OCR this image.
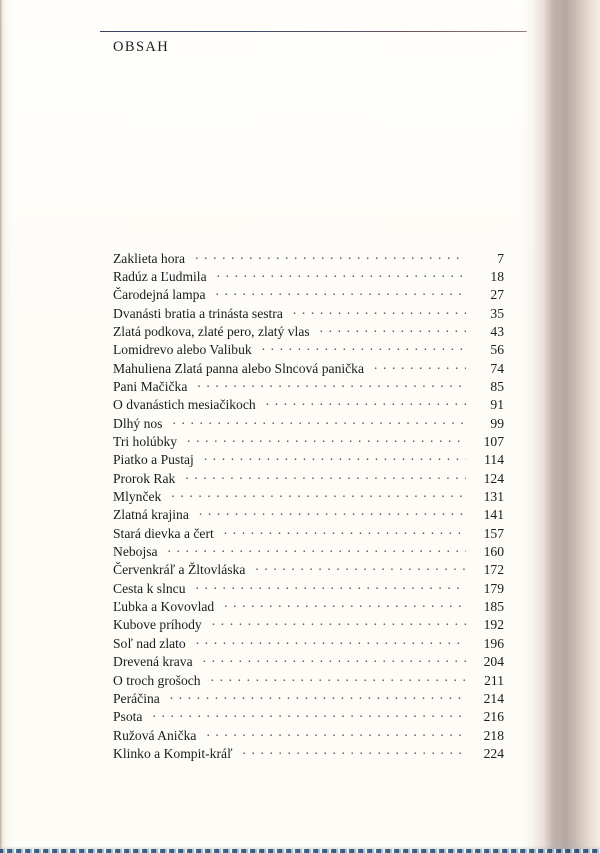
OBSAH
Zaklieta hora . . .	7
Radúz a Ľudmila . . .	18
Čarodejná lampa . . .	27
Dvanásti bratia a trinásta sestra . . .	35
Zlatá podkova, zlaté pero, zlatý vlas . . .	43
Lomidrevo alebo Valibuk . . .	56
Mahuliena Zlatá panna alebo Slncová panička . . .	74
Pani Mačička . . .	85
O dvanástich mesiačikoch . . .	91
Dlhý nos . . .	99
Tri holúbky . . .	107
Piatko a Pustaj . . .	114
Prorok Rak . . .	124
Mlynček . . .	131
Zlatná krajina . . .	141
Stará dievka a čert . . .	157
Nebojsa . . .	160
Červenkráľ a Žltovláska . . .	172
Cesta k slncu . . .	179
Ľubka a Kovovlad . . .	185
Kubove príhody . . .	192
Soľ nad zlato . . .	196
Drevená krava . . .	204
O troch grošoch . . .	211
Peráčina . . .	214
Psota . . .	216
Ružová Anička . . .	218
Klinko a Kompit-kráľ . . .	224
